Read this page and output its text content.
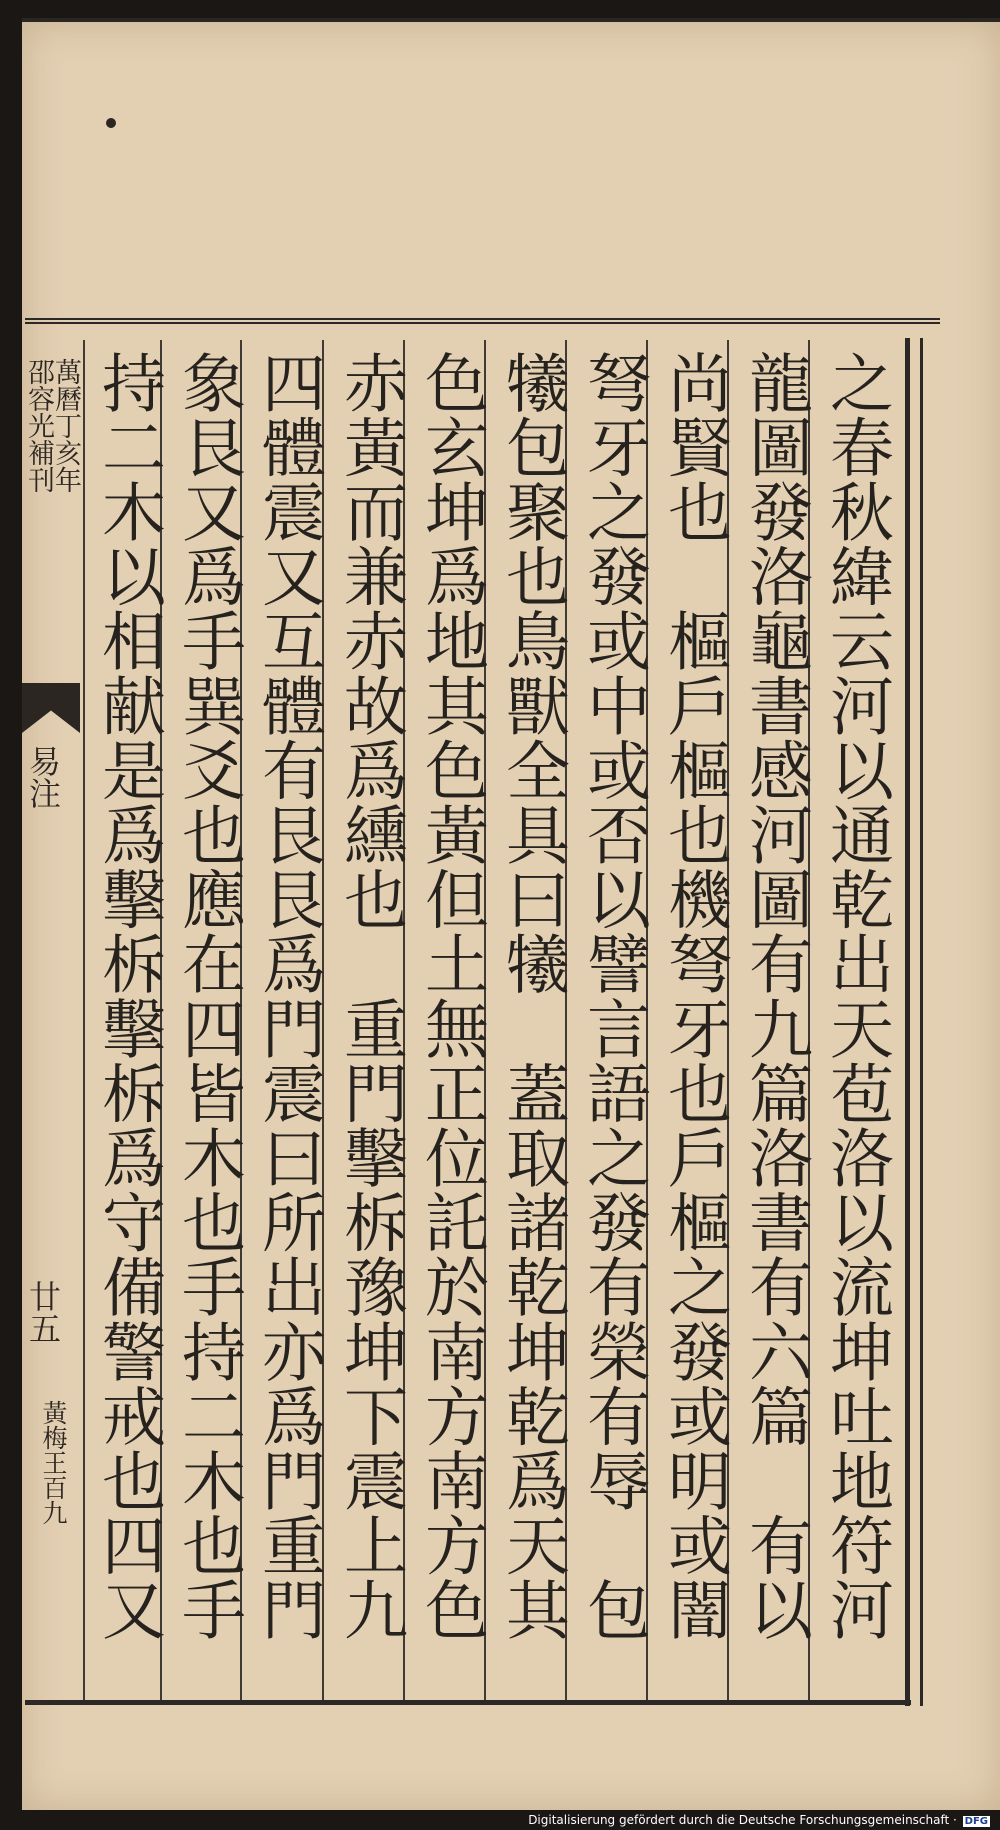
之春秋緯云河以通乾出天苞洛以流坤吐地符河
龍圖發洛龜書感河圖有九篇洛書有六篇　有以
尚賢也　樞戶樞也機弩牙也戶樞之發或明或闇
弩牙之發或中或否以譬言語之發有榮有辱　包
犧包聚也鳥獸全具曰犧　蓋取諸乾坤乾爲天其
色玄坤爲地其色黃但土無正位託於南方南方色
赤黃而兼赤故爲纁也　重門擊柝豫坤下震上九
四體震又互體有艮艮爲門震曰所出亦爲門重門
象艮又爲手巽爻也應在四皆木也手持二木也手
持二木以相献是爲擊柝擊柝爲守備警戒也四又
萬曆丁亥年
邵容光補刊
易注
廿五
黃梅王百九
Digitalisierung gefördert durch die Deutsche Forschungsgemeinschaft · DFG
